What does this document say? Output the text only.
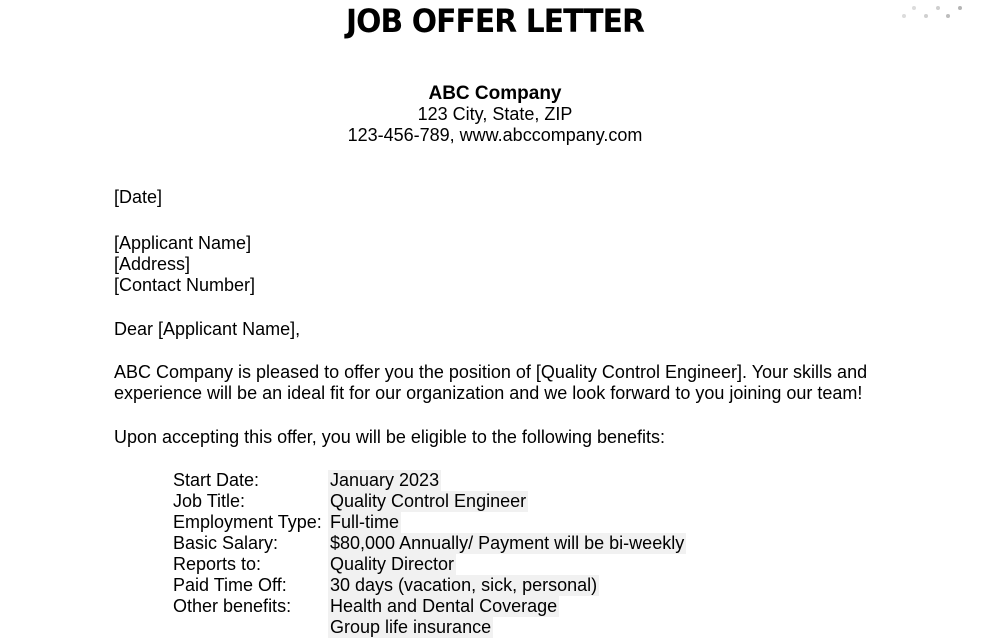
JOB OFFER LETTER
ABC Company
123 City, State, ZIP
123-456-789, www.abccompany.com
[Date]
[Applicant Name]
[Address]
[Contact Number]
Dear [Applicant Name],
ABC Company is pleased to offer you the position of [Quality Control Engineer]. Your skills and
experience will be an ideal fit for our organization and we look forward to you joining our team!
Upon accepting this offer, you will be eligible to the following benefits:
Start Date:	January 2023
Job Title:	Quality Control Engineer
Employment Type: Full-time
Basic Salary:	$80,000 Annually/ Payment will be bi-weekly
Reports to:	Quality Director
Paid Time Off:	30 days (vacation, sick, personal)
Other benefits:	Health and Dental Coverage
Group life insurance
